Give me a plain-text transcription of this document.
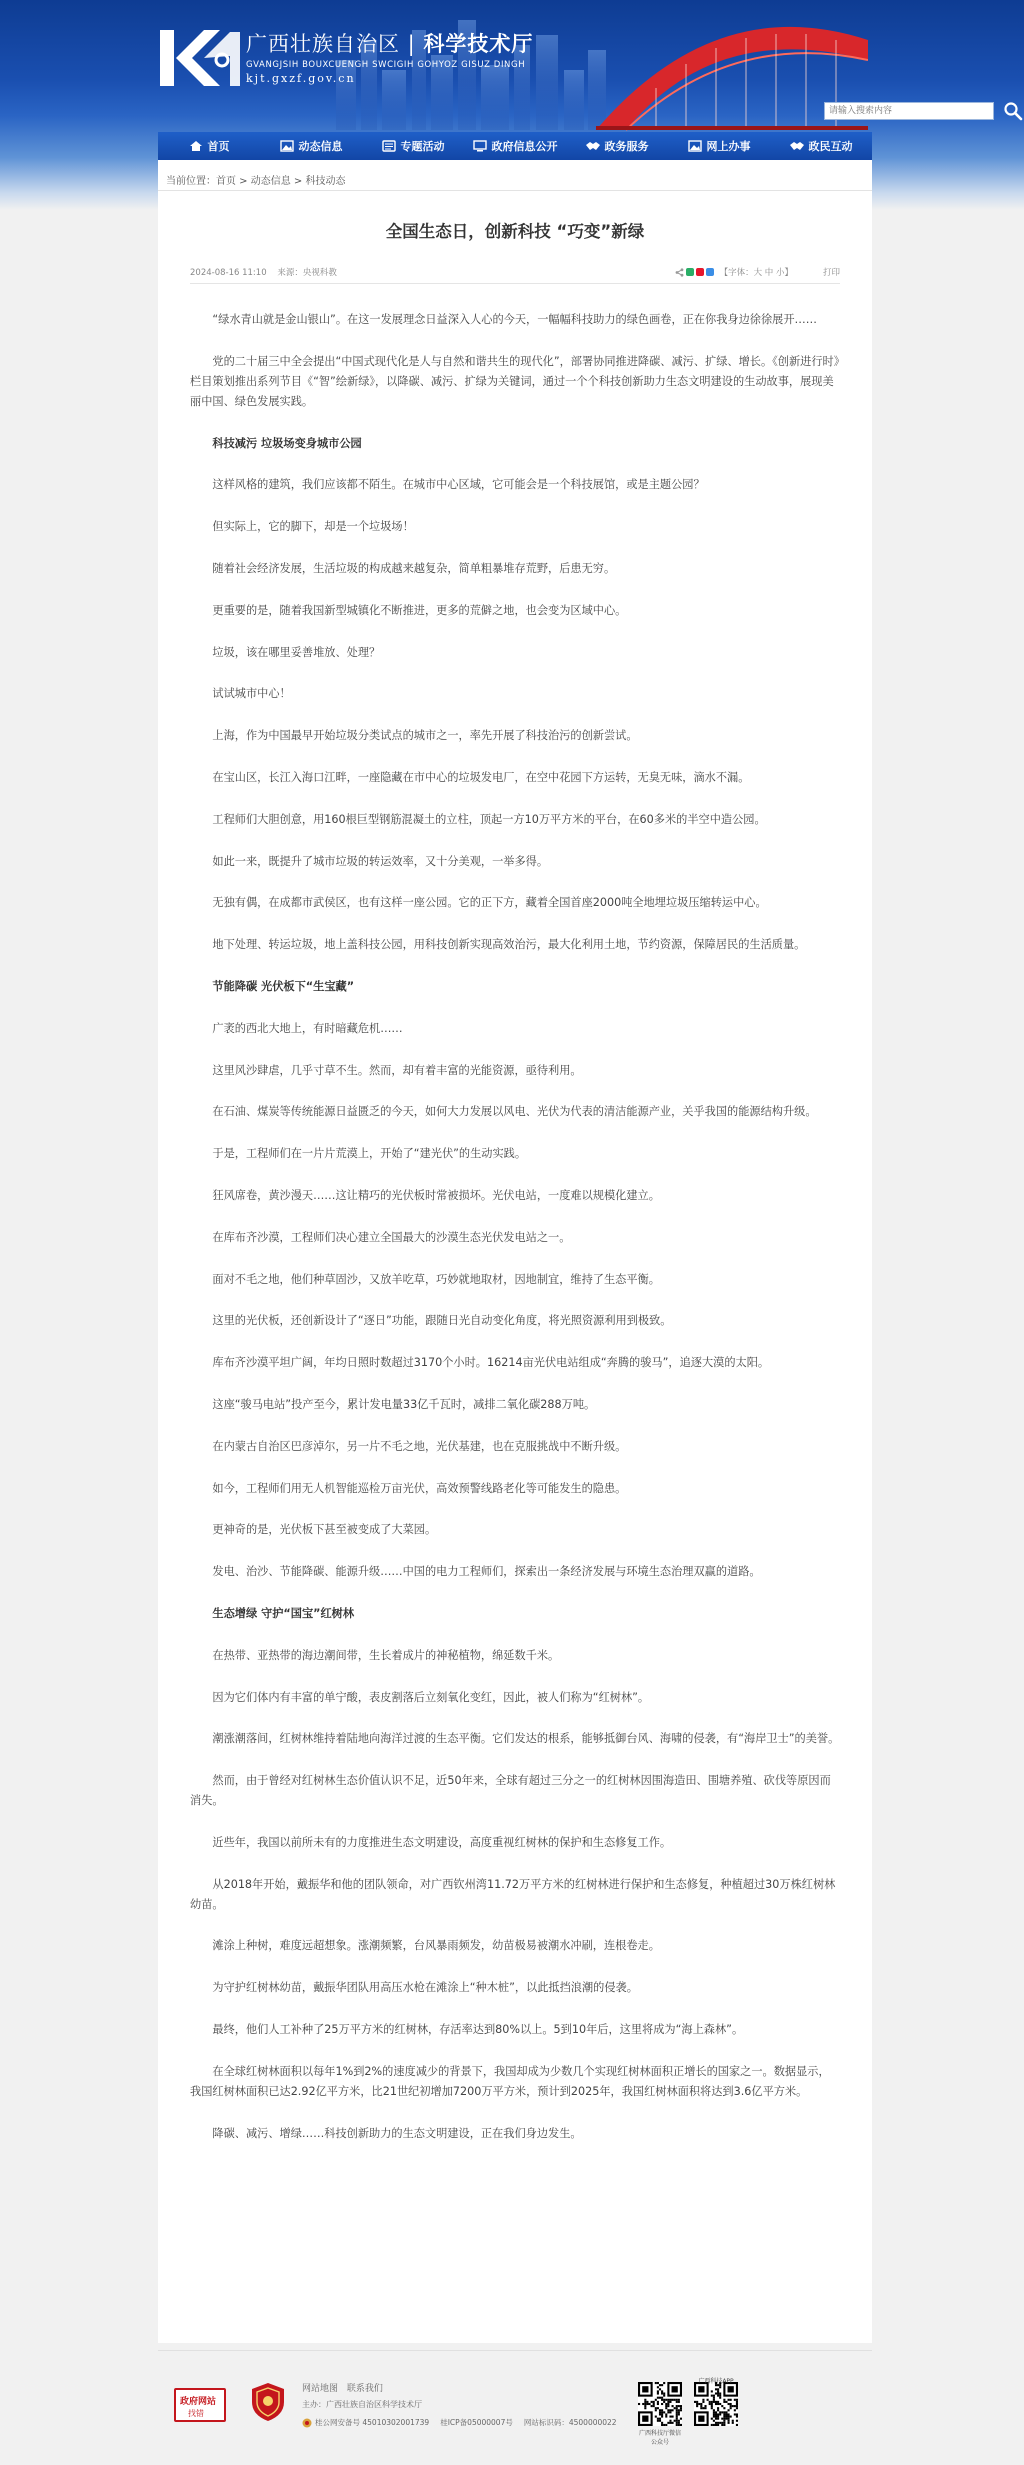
广西壮族自治区 | 科学技术厅
GVANGJSIH BOUXCUENGH SWCIGIH GOHYOZ GISUZ DINGH
kjt.gxzf.gov.cn
请输入搜索内容
首页	动态信息	专题活动	政府信息公开	政务服务	网上办事	政民互动
当前位置：首页 > 动态信息 > 科技动态
全国生态日，创新科技 “巧变”新绿
2024-08-16 11:10 来源：央视科教	【字体：大 中 小】	打印

“绿水青山就是金山银山”。在这一发展理念日益深入人心的今天，一幅幅科技助力的绿色画卷，正在你我身边徐徐展开……

党的二十届三中全会提出“中国式现代化是人与自然和谐共生的现代化”，部署协同推进降碳、减污、扩绿、增长。《创新进行时》栏目策划推出系列节目《“智”绘新绿》，以降碳、减污、扩绿为关键词，通过一个个科技创新助力生态文明建设的生动故事，展现美丽中国、绿色发展实践。

科技减污 垃圾场变身城市公园

这样风格的建筑，我们应该都不陌生。在城市中心区域，它可能会是一个科技展馆，或是主题公园？

但实际上，它的脚下，却是一个垃圾场！

随着社会经济发展，生活垃圾的构成越来越复杂，简单粗暴堆存荒野，后患无穷。

更重要的是，随着我国新型城镇化不断推进，更多的荒僻之地，也会变为区域中心。

垃圾，该在哪里妥善堆放、处理？

试试城市中心！

上海，作为中国最早开始垃圾分类试点的城市之一，率先开展了科技治污的创新尝试。

在宝山区，长江入海口江畔，一座隐藏在市中心的垃圾发电厂，在空中花园下方运转，无臭无味，滴水不漏。

工程师们大胆创意，用160根巨型钢筋混凝土的立柱，顶起一方10万平方米的平台，在60多米的半空中造公园。

如此一来，既提升了城市垃圾的转运效率，又十分美观，一举多得。

无独有偶，在成都市武侯区，也有这样一座公园。它的正下方，藏着全国首座2000吨全地埋垃圾压缩转运中心。

地下处理、转运垃圾，地上盖科技公园，用科技创新实现高效治污，最大化利用土地，节约资源，保障居民的生活质量。

节能降碳 光伏板下“生宝藏”

广袤的西北大地上，有时暗藏危机……

这里风沙肆虐，几乎寸草不生。然而，却有着丰富的光能资源，亟待利用。

在石油、煤炭等传统能源日益匮乏的今天，如何大力发展以风电、光伏为代表的清洁能源产业，关乎我国的能源结构升级。

于是，工程师们在一片片荒漠上，开始了“建光伏”的生动实践。

狂风席卷，黄沙漫天……这让精巧的光伏板时常被损坏。光伏电站，一度难以规模化建立。

在库布齐沙漠，工程师们决心建立全国最大的沙漠生态光伏发电站之一。

面对不毛之地，他们种草固沙，又放羊吃草，巧妙就地取材，因地制宜，维持了生态平衡。

这里的光伏板，还创新设计了“逐日”功能，跟随日光自动变化角度，将光照资源利用到极致。

库布齐沙漠平坦广阔，年均日照时数超过3170个小时。16214亩光伏电站组成“奔腾的骏马”，追逐大漠的太阳。

这座“骏马电站”投产至今，累计发电量33亿千瓦时，减排二氧化碳288万吨。

在内蒙古自治区巴彦淖尔，另一片不毛之地，光伏基建，也在克服挑战中不断升级。

如今，工程师们用无人机智能巡检万亩光伏，高效预警线路老化等可能发生的隐患。

更神奇的是，光伏板下甚至被变成了大菜园。

发电、治沙、节能降碳、能源升级……中国的电力工程师们，探索出一条经济发展与环境生态治理双赢的道路。

生态增绿 守护“国宝”红树林

在热带、亚热带的海边潮间带，生长着成片的神秘植物，绵延数千米。

因为它们体内有丰富的单宁酸，表皮割落后立刻氧化变红，因此，被人们称为“红树林”。

潮涨潮落间，红树林维持着陆地向海洋过渡的生态平衡。它们发达的根系，能够抵御台风、海啸的侵袭，有“海岸卫士”的美誉。

然而，由于曾经对红树林生态价值认识不足，近50年来，全球有超过三分之一的红树林因围海造田、围塘养殖、砍伐等原因而消失。

近些年，我国以前所未有的力度推进生态文明建设，高度重视红树林的保护和生态修复工作。

从2018年开始，戴振华和他的团队领命，对广西钦州湾11.72万平方米的红树林进行保护和生态修复，种植超过30万株红树林幼苗。

滩涂上种树，难度远超想象。涨潮频繁，台风暴雨频发，幼苗极易被潮水冲刷，连根卷走。

为守护红树林幼苗，戴振华团队用高压水枪在滩涂上“种木桩”，以此抵挡浪潮的侵袭。

最终，他们人工补种了25万平方米的红树林，存活率达到80%以上。5到10年后，这里将成为“海上森林”。

在全球红树林面积以每年1%到2%的速度减少的背景下，我国却成为少数几个实现红树林面积正增长的国家之一。数据显示，我国红树林面积已达2.92亿平方米，比21世纪初增加7200万平方米，预计到2025年，我国红树林面积将达到3.6亿平方米。

降碳、减污、增绿……科技创新助力的生态文明建设，正在我们身边发生。

政府网站
找错
网站地图 联系我们
主办：广西壮族自治区科学技术厅
桂公网安备号 45010302001739 桂ICP备05000007号 网站标识码：4500000022
广西科技厅微信公众号
广西科技APP
